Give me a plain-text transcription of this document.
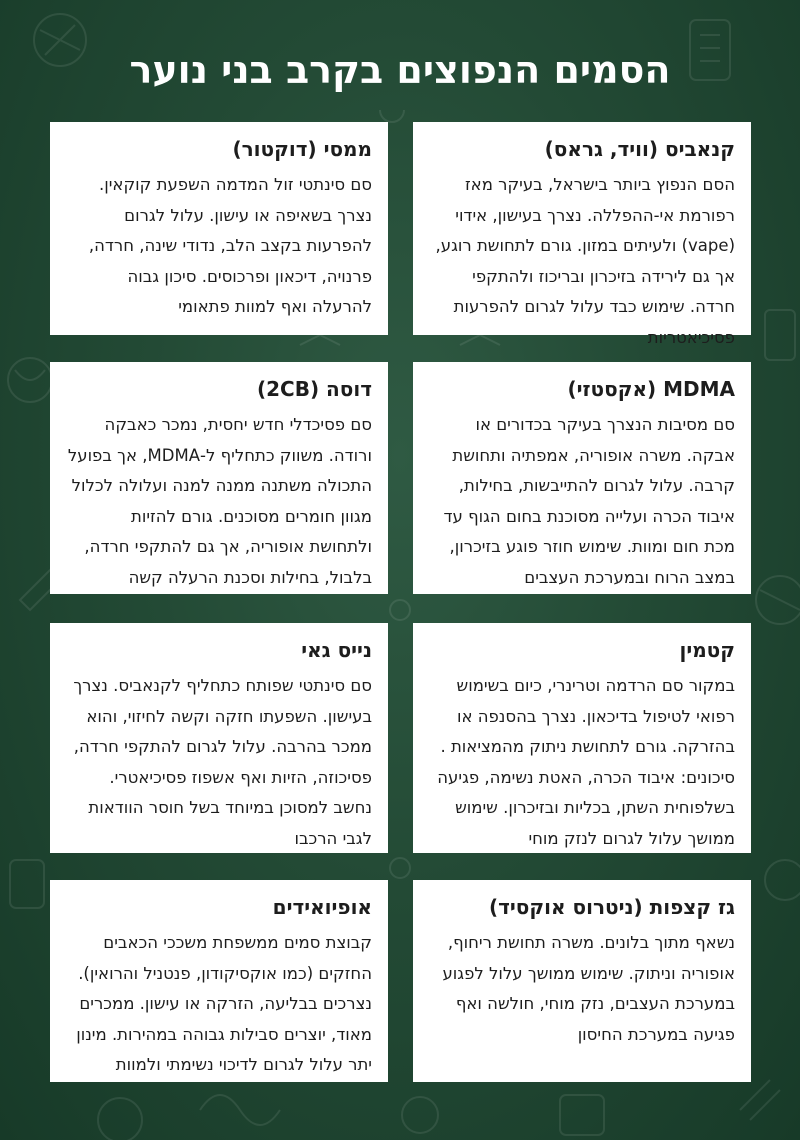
הסמים הנפוצים בקרב בני נוער
קנאביס (וויד, גראס)

הסם הנפוץ ביותר בישראל, בעיקר מאז רפורמת אי-ההפללה. נצרך בעישון, אידוי (vape) ולעיתים במזון. גורם לתחושת רוגע, אך גם לירידה בזיכרון ובריכוז ולהתקפי חרדה. שימוש כבד עלול לגרום להפרעות פסיכיאטריות

ממסי (דוקטור)

סם סינתטי זול המדמה השפעת קוקאין. נצרך בשאיפה או עישון. עלול לגרום להפרעות בקצב הלב, נדודי שינה, חרדה, פרנויה, דיכאון ופרכוסים. סיכון גבוה להרעלה ואף למוות פתאומי

MDMA (אקסטזי)

סם מסיבות הנצרך בעיקר בכדורים או אבקה. משרה אופוריה, אמפתיה ותחושת קרבה. עלול לגרום להתייבשות, בחילות, איבוד הכרה ועלייה מסוכנת בחום הגוף עד מכת חום ומוות. שימוש חוזר פוגע בזיכרון, במצב הרוח ובמערכת העצבים

דוסה (2CB)

סם פסיכדלי חדש יחסית, נמכר כאבקה ורודה. משווק כתחליף ל-MDMA, אך בפועל התכולה משתנה ממנה למנה ועלולה לכלול מגוון חומרים מסוכנים. גורם להזיות ולתחושת אופוריה, אך גם להתקפי חרדה, בלבול, בחילות וסכנת הרעלה קשה

קטמין

במקור סם הרדמה וטרינרי, כיום בשימוש רפואי לטיפול בדיכאון. נצרך בהסנפה או בהזרקה. גורם לתחושת ניתוק מהמציאות . סיכונים: איבוד הכרה, האטת נשימה, פגיעה בשלפוחית השתן, בכליות ובזיכרון. שימוש ממושך עלול לגרום לנזק מוחי

נייס גאי

סם סינתטי שפותח כתחליף לקנאביס. נצרך בעישון. השפעתו חזקה וקשה לחיזוי, והוא ממכר בהרבה. עלול לגרום להתקפי חרדה, פסיכוזה, הזיות ואף אשפוז פסיכיאטרי. נחשב למסוכן במיוחד בשל חוסר הוודאות לגבי הרכבו

גז קצפות (ניטרוס אוקסיד)

נשאף מתוך בלונים. משרה תחושת ריחוף, אופוריה וניתוק. שימוש ממושך עלול לפגוע במערכת העצבים, נזק מוחי, חולשה ואף פגיעה במערכת החיסון

אופיואידים

קבוצת סמים ממשפחת משככי הכאבים החזקים (כמו אוקסיקודון, פנטניל והרואין). נצרכים בבליעה, הזרקה או עישון. ממכרים מאוד, יוצרים סבילות גבוהה במהירות. מינון יתר עלול לגרום לדיכוי נשימתי ולמוות
